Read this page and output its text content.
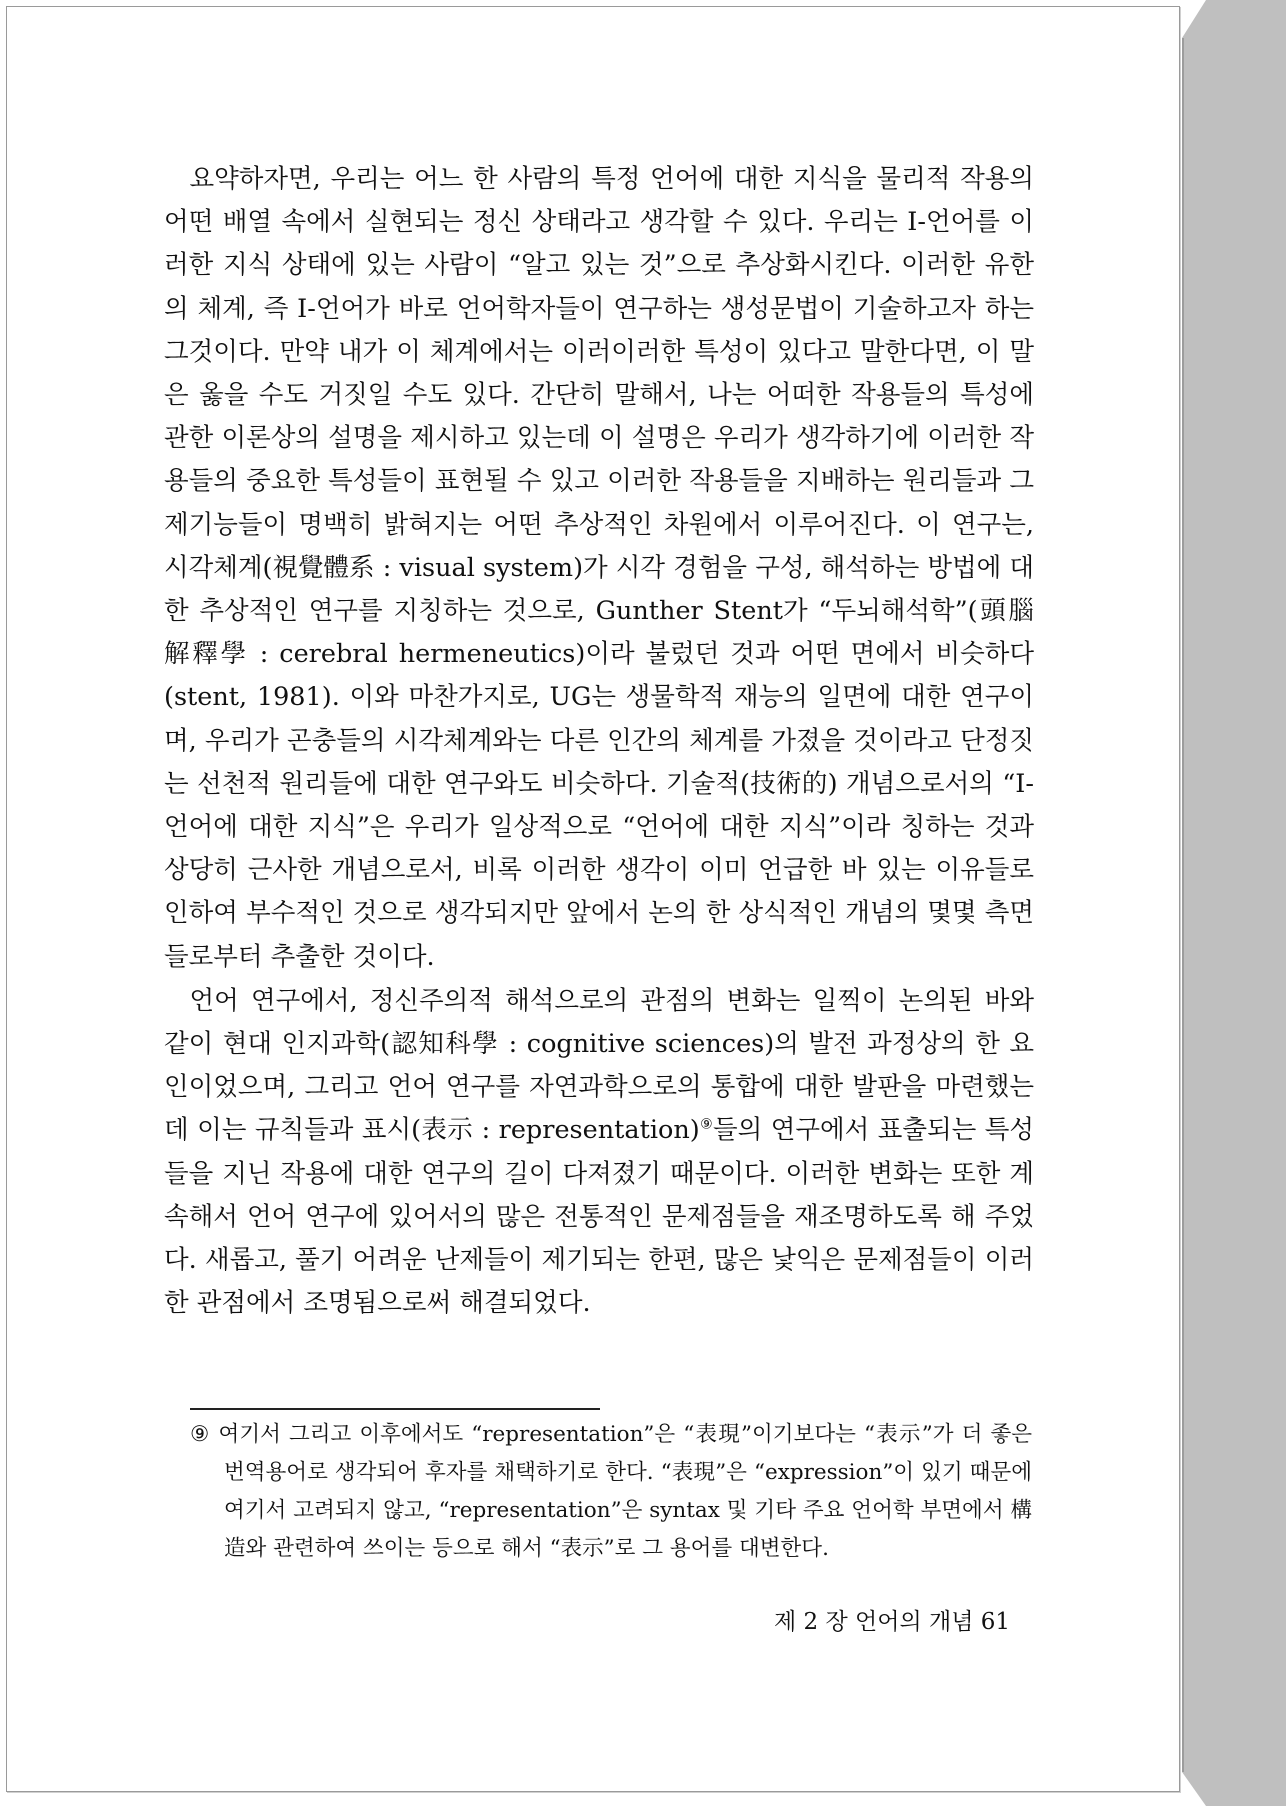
요약하자면, 우리는 어느 한 사람의 특정 언어에 대한 지식을 물리적 작용의 어떤 배열 속에서 실현되는 정신 상태라고 생각할 수 있다. 우리는 I-언어를 이러한 지식 상태에 있는 사람이 “알고 있는 것”으로 추상화시킨다. 이러한 유한의 체계, 즉 I-언어가 바로 언어학자들이 연구하는 생성문법이 기술하고자 하는 그것이다. 만약 내가 이 체계에서는 이러이러한 특성이 있다고 말한다면, 이 말은 옳을 수도 거짓일 수도 있다. 간단히 말해서, 나는 어떠한 작용들의 특성에 관한 이론상의 설명을 제시하고 있는데 이 설명은 우리가 생각하기에 이러한 작용들의 중요한 특성들이 표현될 수 있고 이러한 작용들을 지배하는 원리들과 그 제기능들이 명백히 밝혀지는 어떤 추상적인 차원에서 이루어진다. 이 연구는, 시각체계(視覺體系 : visual system)가 시각 경험을 구성, 해석하는 방법에 대한 추상적인 연구를 지칭하는 것으로, Gunther Stent가 “두뇌해석학”(頭腦解釋學 : cerebral hermeneutics)이라 불렀던 것과 어떤 면에서 비슷하다(stent, 1981). 이와 마찬가지로, UG는 생물학적 재능의 일면에 대한 연구이며, 우리가 곤충들의 시각체계와는 다른 인간의 체계를 가졌을 것이라고 단정짓는 선천적 원리들에 대한 연구와도 비슷하다. 기술적(技術的) 개념으로서의 “I-언어에 대한 지식”은 우리가 일상적으로 “언어에 대한 지식”이라 칭하는 것과 상당히 근사한 개념으로서, 비록 이러한 생각이 이미 언급한 바 있는 이유들로 인하여 부수적인 것으로 생각되지만 앞에서 논의 한 상식적인 개념의 몇몇 측면들로부터 추출한 것이다.

언어 연구에서, 정신주의적 해석으로의 관점의 변화는 일찍이 논의된 바와 같이 현대 인지과학(認知科學 : cognitive sciences)의 발전 과정상의 한 요인이었으며, 그리고 언어 연구를 자연과학으로의 통합에 대한 발판을 마련했는데 이는 규칙들과 표시(表示 : representation)⑨들의 연구에서 표출되는 특성들을 지닌 작용에 대한 연구의 길이 다져졌기 때문이다. 이러한 변화는 또한 계속해서 언어 연구에 있어서의 많은 전통적인 문제점들을 재조명하도록 해 주었다. 새롭고, 풀기 어려운 난제들이 제기되는 한편, 많은 낯익은 문제점들이 이러한 관점에서 조명됨으로써 해결되었다.

⑨ 여기서 그리고 이후에서도 “representation”은 “表現”이기보다는 “表示”가 더 좋은 번역용어로 생각되어 후자를 채택하기로 한다. “表現”은 “expression”이 있기 때문에 여기서 고려되지 않고, “representation”은 syntax 및 기타 주요 언어학 부면에서 構造와 관련하여 쓰이는 등으로 해서 “表示”로 그 용어를 대변한다.
제 2 장 언어의 개념 61
